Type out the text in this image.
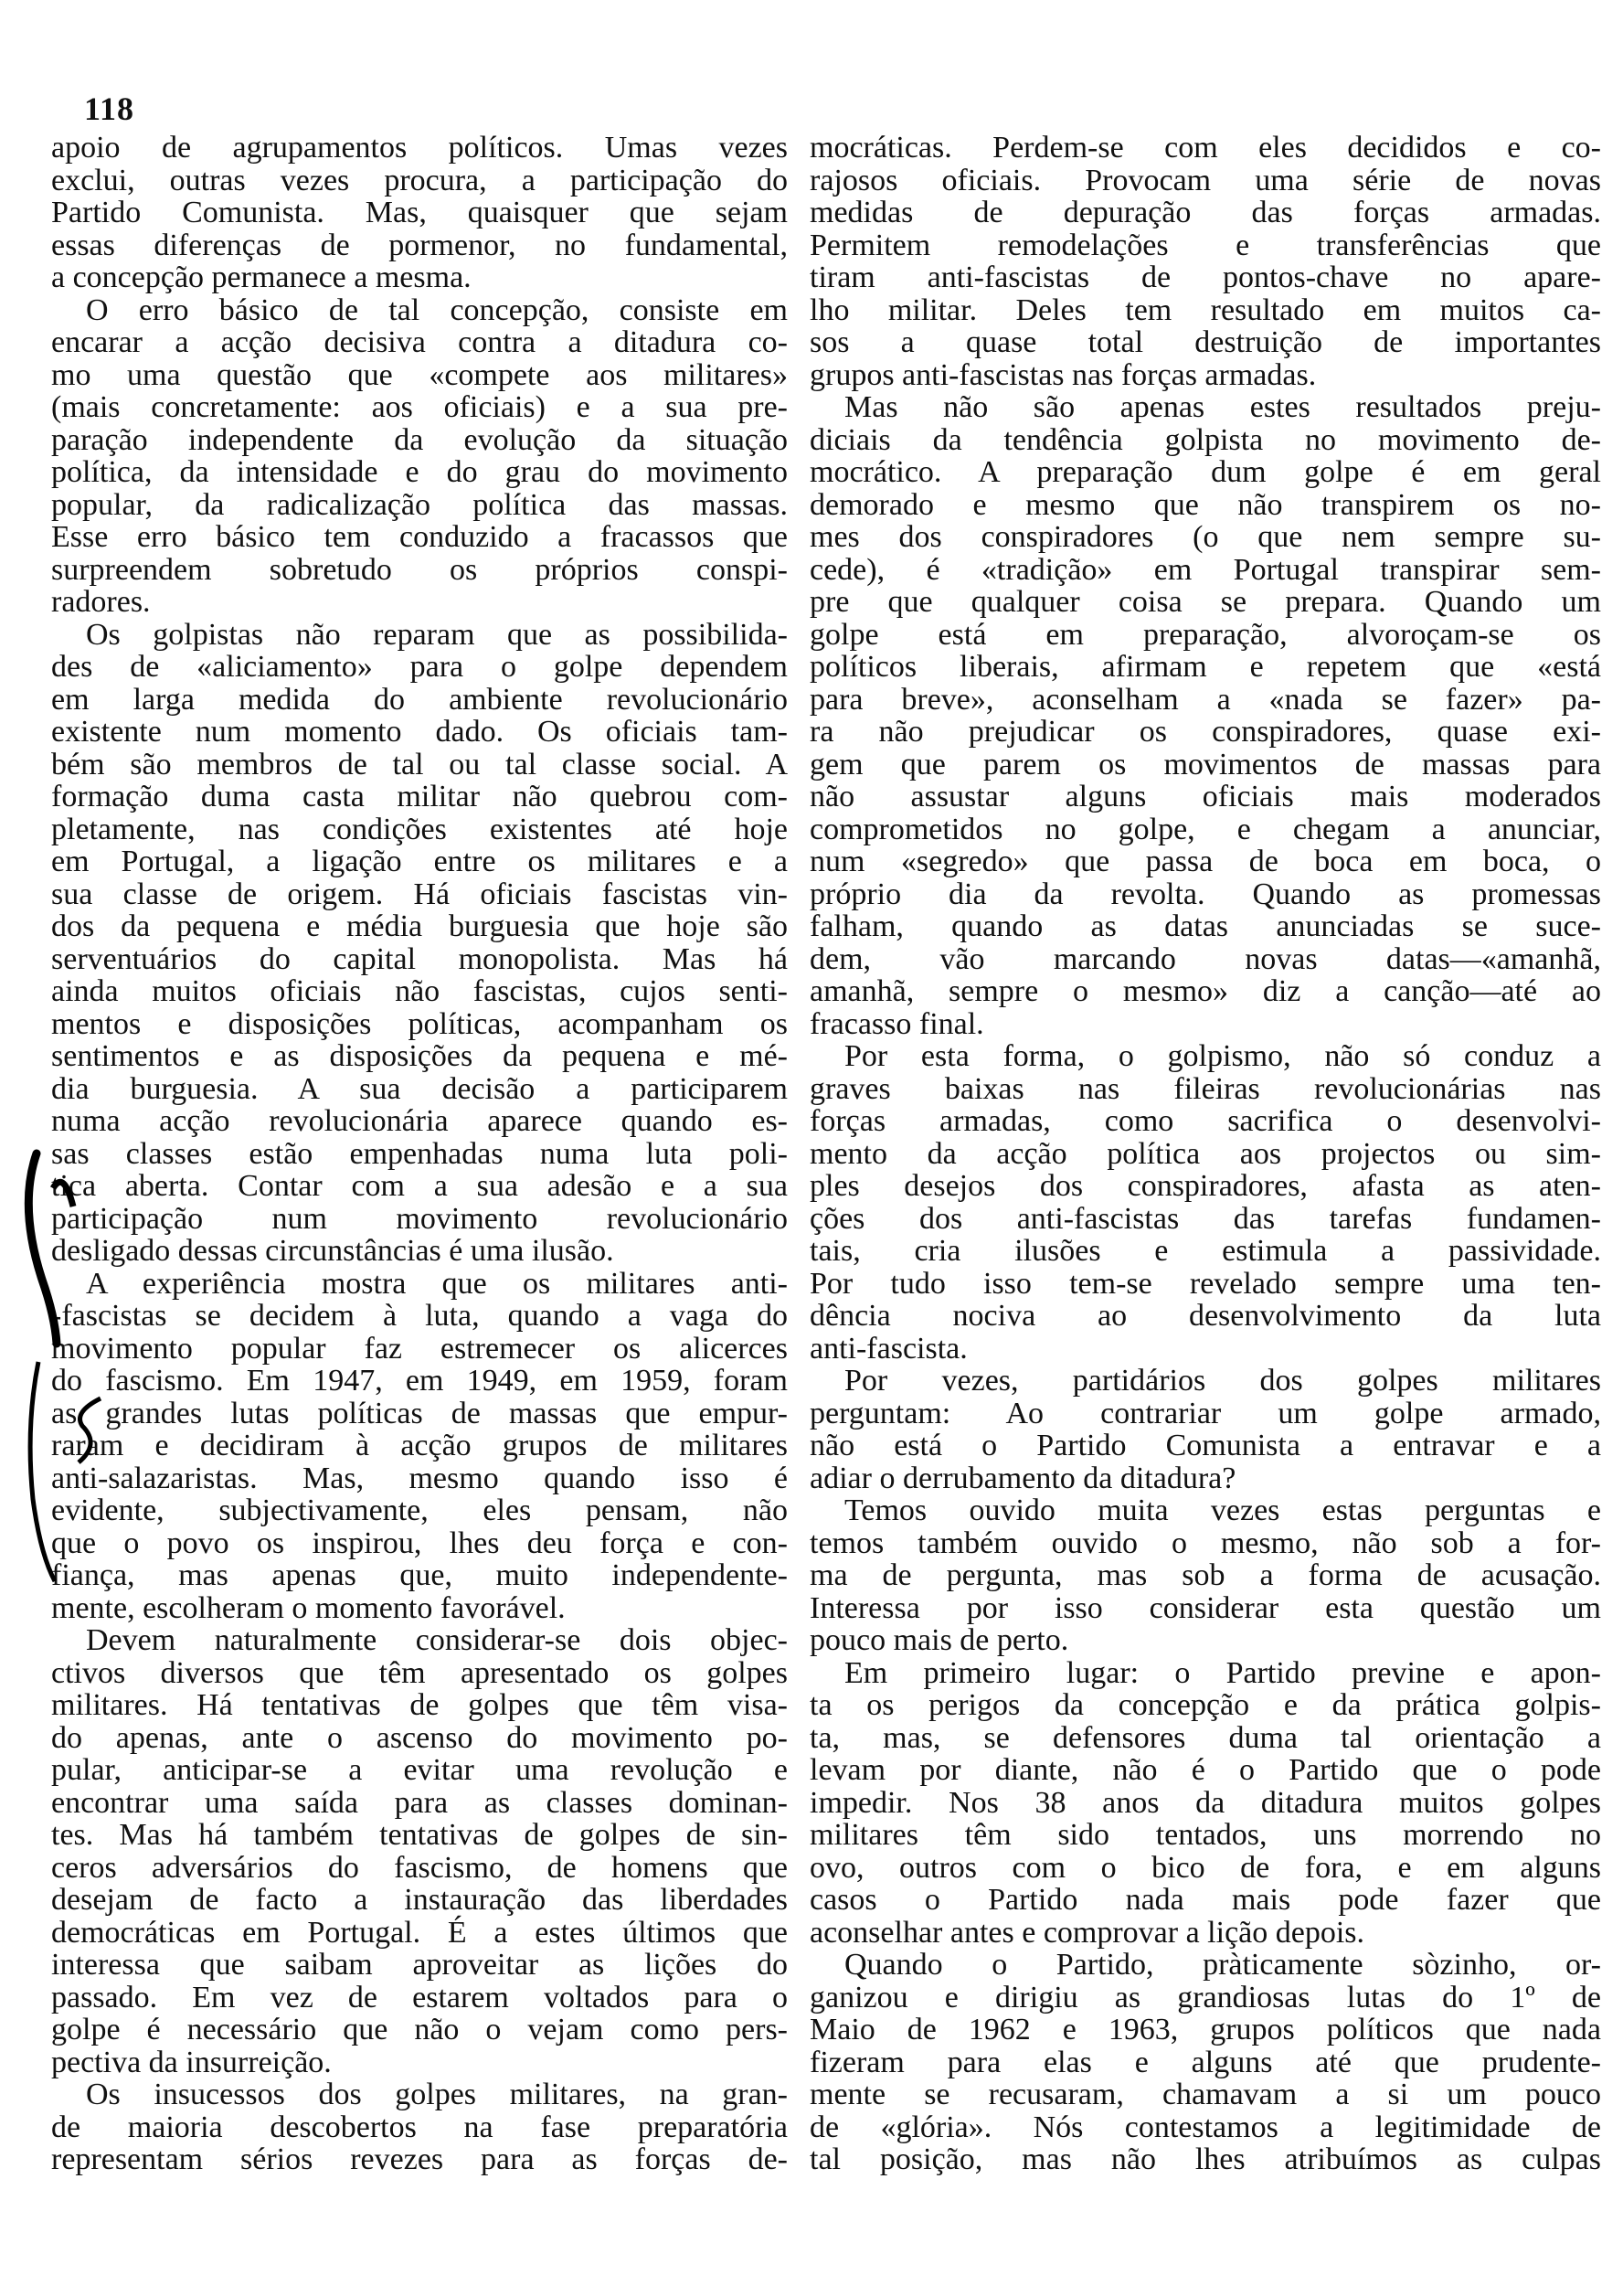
118
apoio de agrupamentos políticos. Umas vezes
exclui, outras vezes procura, a participação do
Partido Comunista. Mas, quaisquer que sejam
essas diferenças de pormenor, no fundamental,
a concepção permanece a mesma.
O erro básico de tal concepção, consiste em
encarar a acção decisiva contra a ditadura co-
mo uma questão que «compete aos militares»
(mais concretamente: aos oficiais) e a sua pre-
paração independente da evolução da situação
política, da intensidade e do grau do movimento
popular, da radicalização política das massas.
Esse erro básico tem conduzido a fracassos que
surpreendem sobretudo os próprios conspi-
radores.
Os golpistas não reparam que as possibilida-
des de «aliciamento» para o golpe dependem
em larga medida do ambiente revolucionário
existente num momento dado. Os oficiais tam-
bém são membros de tal ou tal classe social. A
formação duma casta militar não quebrou com-
pletamente, nas condições existentes até hoje
em Portugal, a ligação entre os militares e a
sua classe de origem. Há oficiais fascistas vin-
dos da pequena e média burguesia que hoje são
serventuários do capital monopolista. Mas há
ainda muitos oficiais não fascistas, cujos senti-
mentos e disposições políticas, acompanham os
sentimentos e as disposições da pequena e mé-
dia burguesia. A sua decisão a participarem
numa acção revolucionária aparece quando es-
sas classes estão empenhadas numa luta poli-
tica aberta. Contar com a sua adesão e a sua
participação num movimento revolucionário
desligado dessas circunstâncias é uma ilusão.
A experiência mostra que os militares anti-
-fascistas se decidem à luta, quando a vaga do
movimento popular faz estremecer os alicerces
do fascismo. Em 1947, em 1949, em 1959, foram
as grandes lutas políticas de massas que empur-
raram e decidiram à acção grupos de militares
anti-salazaristas. Mas, mesmo quando isso é
evidente, subjectivamente, eles pensam, não
que o povo os inspirou, lhes deu força e con-
fiança, mas apenas que, muito independente-
mente, escolheram o momento favorável.
Devem naturalmente considerar-se dois objec-
ctivos diversos que têm apresentado os golpes
militares. Há tentativas de golpes que têm visa-
do apenas, ante o ascenso do movimento po-
pular, anticipar-se a evitar uma revolução e
encontrar uma saída para as classes dominan-
tes. Mas há também tentativas de golpes de sin-
ceros adversários do fascismo, de homens que
desejam de facto a instauração das liberdades
democráticas em Portugal. É a estes últimos que
interessa que saibam aproveitar as lições do
passado. Em vez de estarem voltados para o
golpe é necessário que não o vejam como pers-
pectiva da insurreição.
Os insucessos dos golpes militares, na gran-
de maioria descobertos na fase preparatória
representam sérios revezes para as forças de-
mocráticas. Perdem-se com eles decididos e co-
rajosos oficiais. Provocam uma série de novas
medidas de depuração das forças armadas.
Permitem remodelações e transferências que
tiram anti-fascistas de pontos-chave no apare-
lho militar. Deles tem resultado em muitos ca-
sos a quase total destruição de importantes
grupos anti-fascistas nas forças armadas.
Mas não são apenas estes resultados preju-
diciais da tendência golpista no movimento de-
mocrático. A preparação dum golpe é em geral
demorado e mesmo que não transpirem os no-
mes dos conspiradores (o que nem sempre su-
cede), é «tradição» em Portugal transpirar sem-
pre que qualquer coisa se prepara. Quando um
golpe está em preparação, alvoroçam-se os
políticos liberais, afirmam e repetem que «está
para breve», aconselham a «nada se fazer» pa-
ra não prejudicar os conspiradores, quase exi-
gem que parem os movimentos de massas para
não assustar alguns oficiais mais moderados
comprometidos no golpe, e chegam a anunciar,
num «segredo» que passa de boca em boca, o
próprio dia da revolta. Quando as promessas
falham, quando as datas anunciadas se suce-
dem, vão marcando novas datas—«amanhã,
amanhã, sempre o mesmo» diz a canção—até ao
fracasso final.
Por esta forma, o golpismo, não só conduz a
graves baixas nas fileiras revolucionárias nas
forças armadas, como sacrifica o desenvolvi-
mento da acção política aos projectos ou sim-
ples desejos dos conspiradores, afasta as aten-
ções dos anti-fascistas das tarefas fundamen-
tais, cria ilusões e estimula a passividade.
Por tudo isso tem-se revelado sempre uma ten-
dência nociva ao desenvolvimento da luta
anti-fascista.
Por vezes, partidários dos golpes militares
perguntam: Ao contrariar um golpe armado,
não está o Partido Comunista a entravar e a
adiar o derrubamento da ditadura?
Temos ouvido muita vezes estas perguntas e
temos também ouvido o mesmo, não sob a for-
ma de pergunta, mas sob a forma de acusação.
Interessa por isso considerar esta questão um
pouco mais de perto.
Em primeiro lugar: o Partido previne e apon-
ta os perigos da concepção e da prática golpis-
ta, mas, se defensores duma tal orientação a
levam por diante, não é o Partido que o pode
impedir. Nos 38 anos da ditadura muitos golpes
militares têm sido tentados, uns morrendo no
ovo, outros com o bico de fora, e em alguns
casos o Partido nada mais pode fazer que
aconselhar antes e comprovar a lição depois.
Quando o Partido, pràticamente sòzinho, or-
ganizou e dirigiu as grandiosas lutas do 1º de
Maio de 1962 e 1963, grupos políticos que nada
fizeram para elas e alguns até que prudente-
mente se recusaram, chamavam a si um pouco
de «glória». Nós contestamos a legitimidade de
tal posição, mas não lhes atribuímos as culpas
